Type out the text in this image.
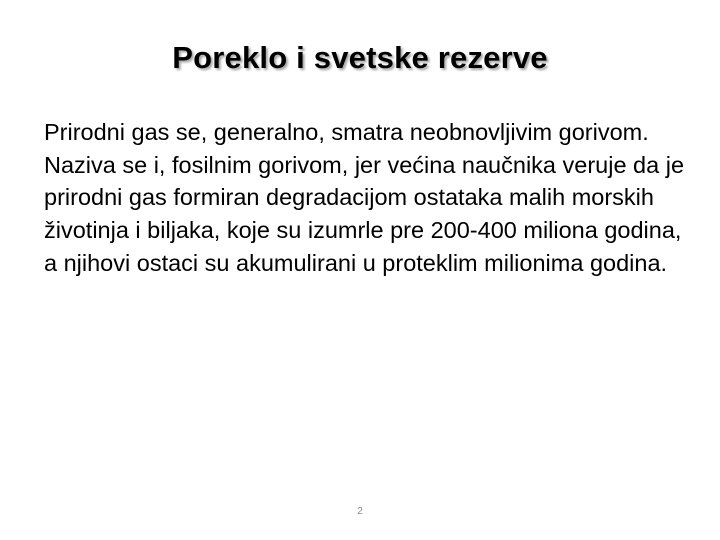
Poreklo i svetske rezerve

Prirodni gas se, generalno, smatra neobnovljivim gorivom.

Naziva se i, fosilnim gorivom, jer većina naučnika veruje da je prirodni gas formiran degradacijom ostataka malih morskih životinja i biljaka, koje su izumrle pre 200-400 miliona godina, a njihovi ostaci su akumulirani u proteklim milionima godina.

2
